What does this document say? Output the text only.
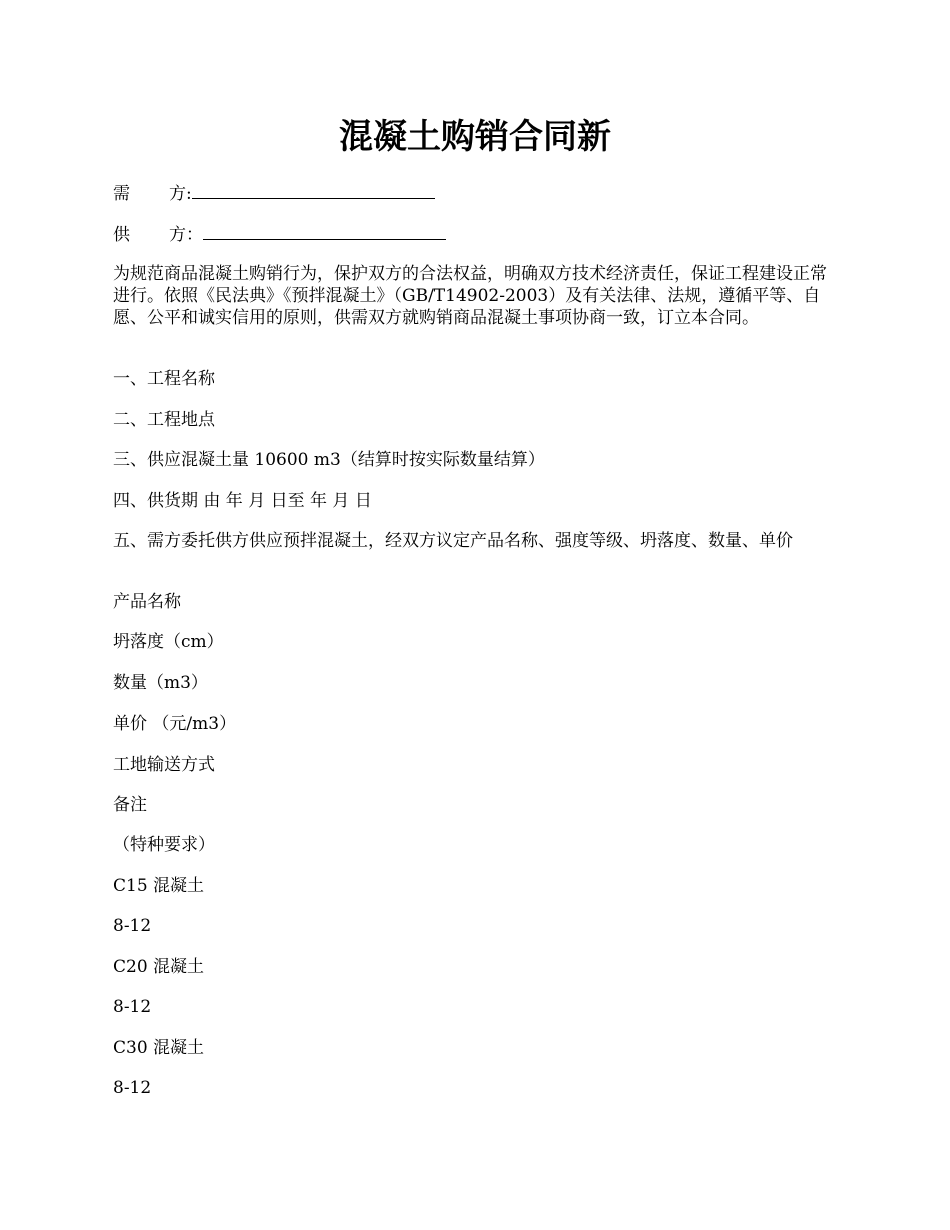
混凝土购销合同新
需 方:
供 方：
为规范商品混凝土购销行为，保护双方的合法权益，明确双方技术经济责任，保证工程建设正常进行。依照《民法典》《预拌混凝土》（GB/T14902-2003）及有关法律、法规，遵循平等、自愿、公平和诚实信用的原则，供需双方就购销商品混凝土事项协商一致，订立本合同。
一、工程名称
二、工程地点
三、供应混凝土量 10600 m3（结算时按实际数量结算）
四、供货期 由 年 月 日至 年 月 日
五、需方委托供方供应预拌混凝土，经双方议定产品名称、强度等级、坍落度、数量、单价
产品名称
坍落度（cm）
数量（m3）
单价 （元/m3）
工地输送方式
备注
（特种要求）
C15 混凝土
8-12
C20 混凝土
8-12
C30 混凝土
8-12
